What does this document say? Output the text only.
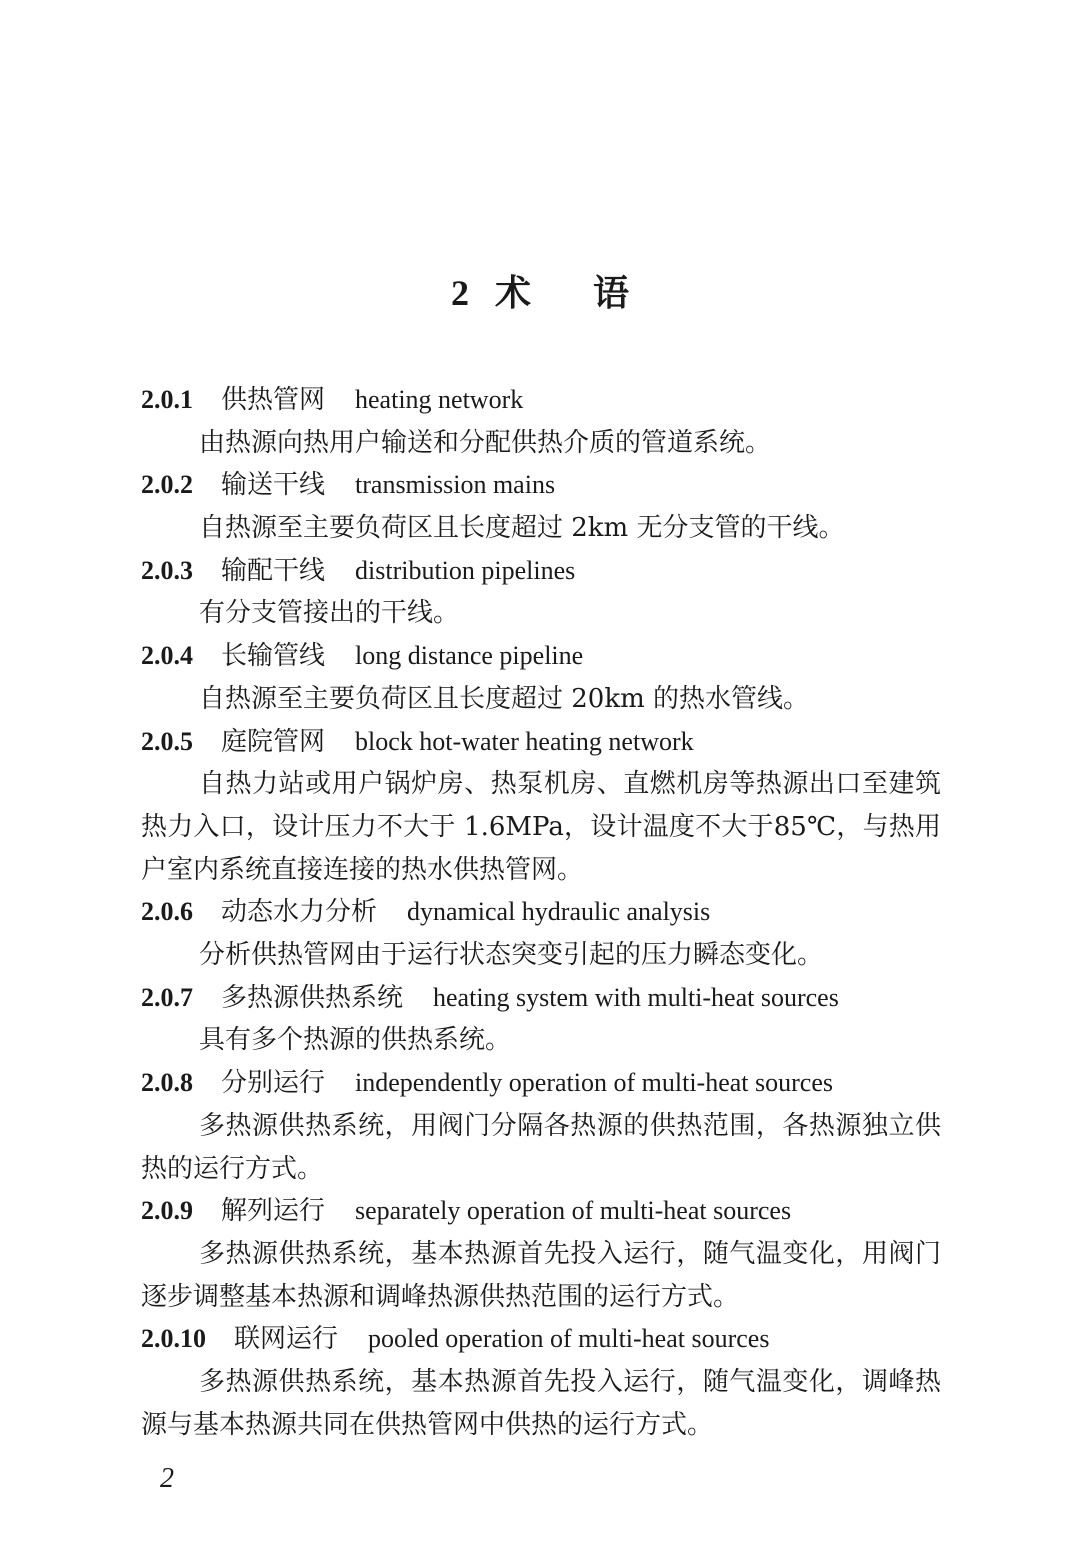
2 术语
2.0.1 供热管网 heating network

由热源向热用户输送和分配供热介质的管道系统。

2.0.2 输送干线 transmission mains

自热源至主要负荷区且长度超过 2km 无分支管的干线。

2.0.3 输配干线 distribution pipelines

有分支管接出的干线。

2.0.4 长输管线 long distance pipeline

自热源至主要负荷区且长度超过 20km 的热水管线。

2.0.5 庭院管网 block hot-water heating network

自热力站或用户锅炉房、热泵机房、直燃机房等热源出口至建筑热力入口，设计压力不大于 1.6MPa，设计温度不大于85℃，与热用户室内系统直接连接的热水供热管网。

2.0.6 动态水力分析 dynamical hydraulic analysis

分析供热管网由于运行状态突变引起的压力瞬态变化。

2.0.7 多热源供热系统 heating system with multi-heat sources

具有多个热源的供热系统。

2.0.8 分别运行 independently operation of multi-heat sources

多热源供热系统，用阀门分隔各热源的供热范围，各热源独立供热的运行方式。

2.0.9 解列运行 separately operation of multi-heat sources

多热源供热系统，基本热源首先投入运行，随气温变化，用阀门逐步调整基本热源和调峰热源供热范围的运行方式。

2.0.10 联网运行 pooled operation of multi-heat sources

多热源供热系统，基本热源首先投入运行，随气温变化，调峰热源与基本热源共同在供热管网中供热的运行方式。

2
